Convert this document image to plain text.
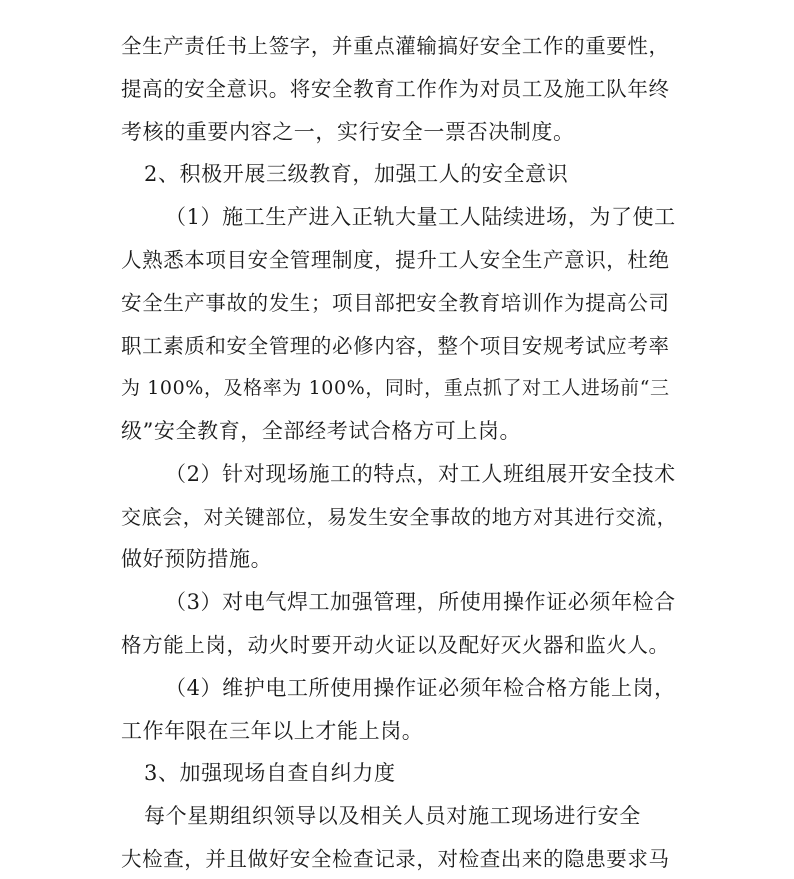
全生产责任书上签字，并重点灌输搞好安全工作的重要性，
提高的安全意识。将安全教育工作作为对员工及施工队年终
考核的重要内容之一，实行安全一票否决制度。
2、积极开展三级教育，加强工人的安全意识
（1）施工生产进入正轨大量工人陆续进场，为了使工
人熟悉本项目安全管理制度，提升工人安全生产意识，杜绝
安全生产事故的发生；项目部把安全教育培训作为提高公司
职工素质和安全管理的必修内容，整个项目安规考试应考率
为 100%，及格率为 100%，同时，重点抓了对工人进场前“三
级”安全教育，全部经考试合格方可上岗。
（2）针对现场施工的特点，对工人班组展开安全技术
交底会，对关键部位，易发生安全事故的地方对其进行交流，
做好预防措施。
（3）对电气焊工加强管理，所使用操作证必须年检合
格方能上岗，动火时要开动火证以及配好灭火器和监火人。
（4）维护电工所使用操作证必须年检合格方能上岗，
工作年限在三年以上才能上岗。
3、加强现场自查自纠力度
每个星期组织领导以及相关人员对施工现场进行安全
大检查，并且做好安全检查记录，对检查出来的隐患要求马
